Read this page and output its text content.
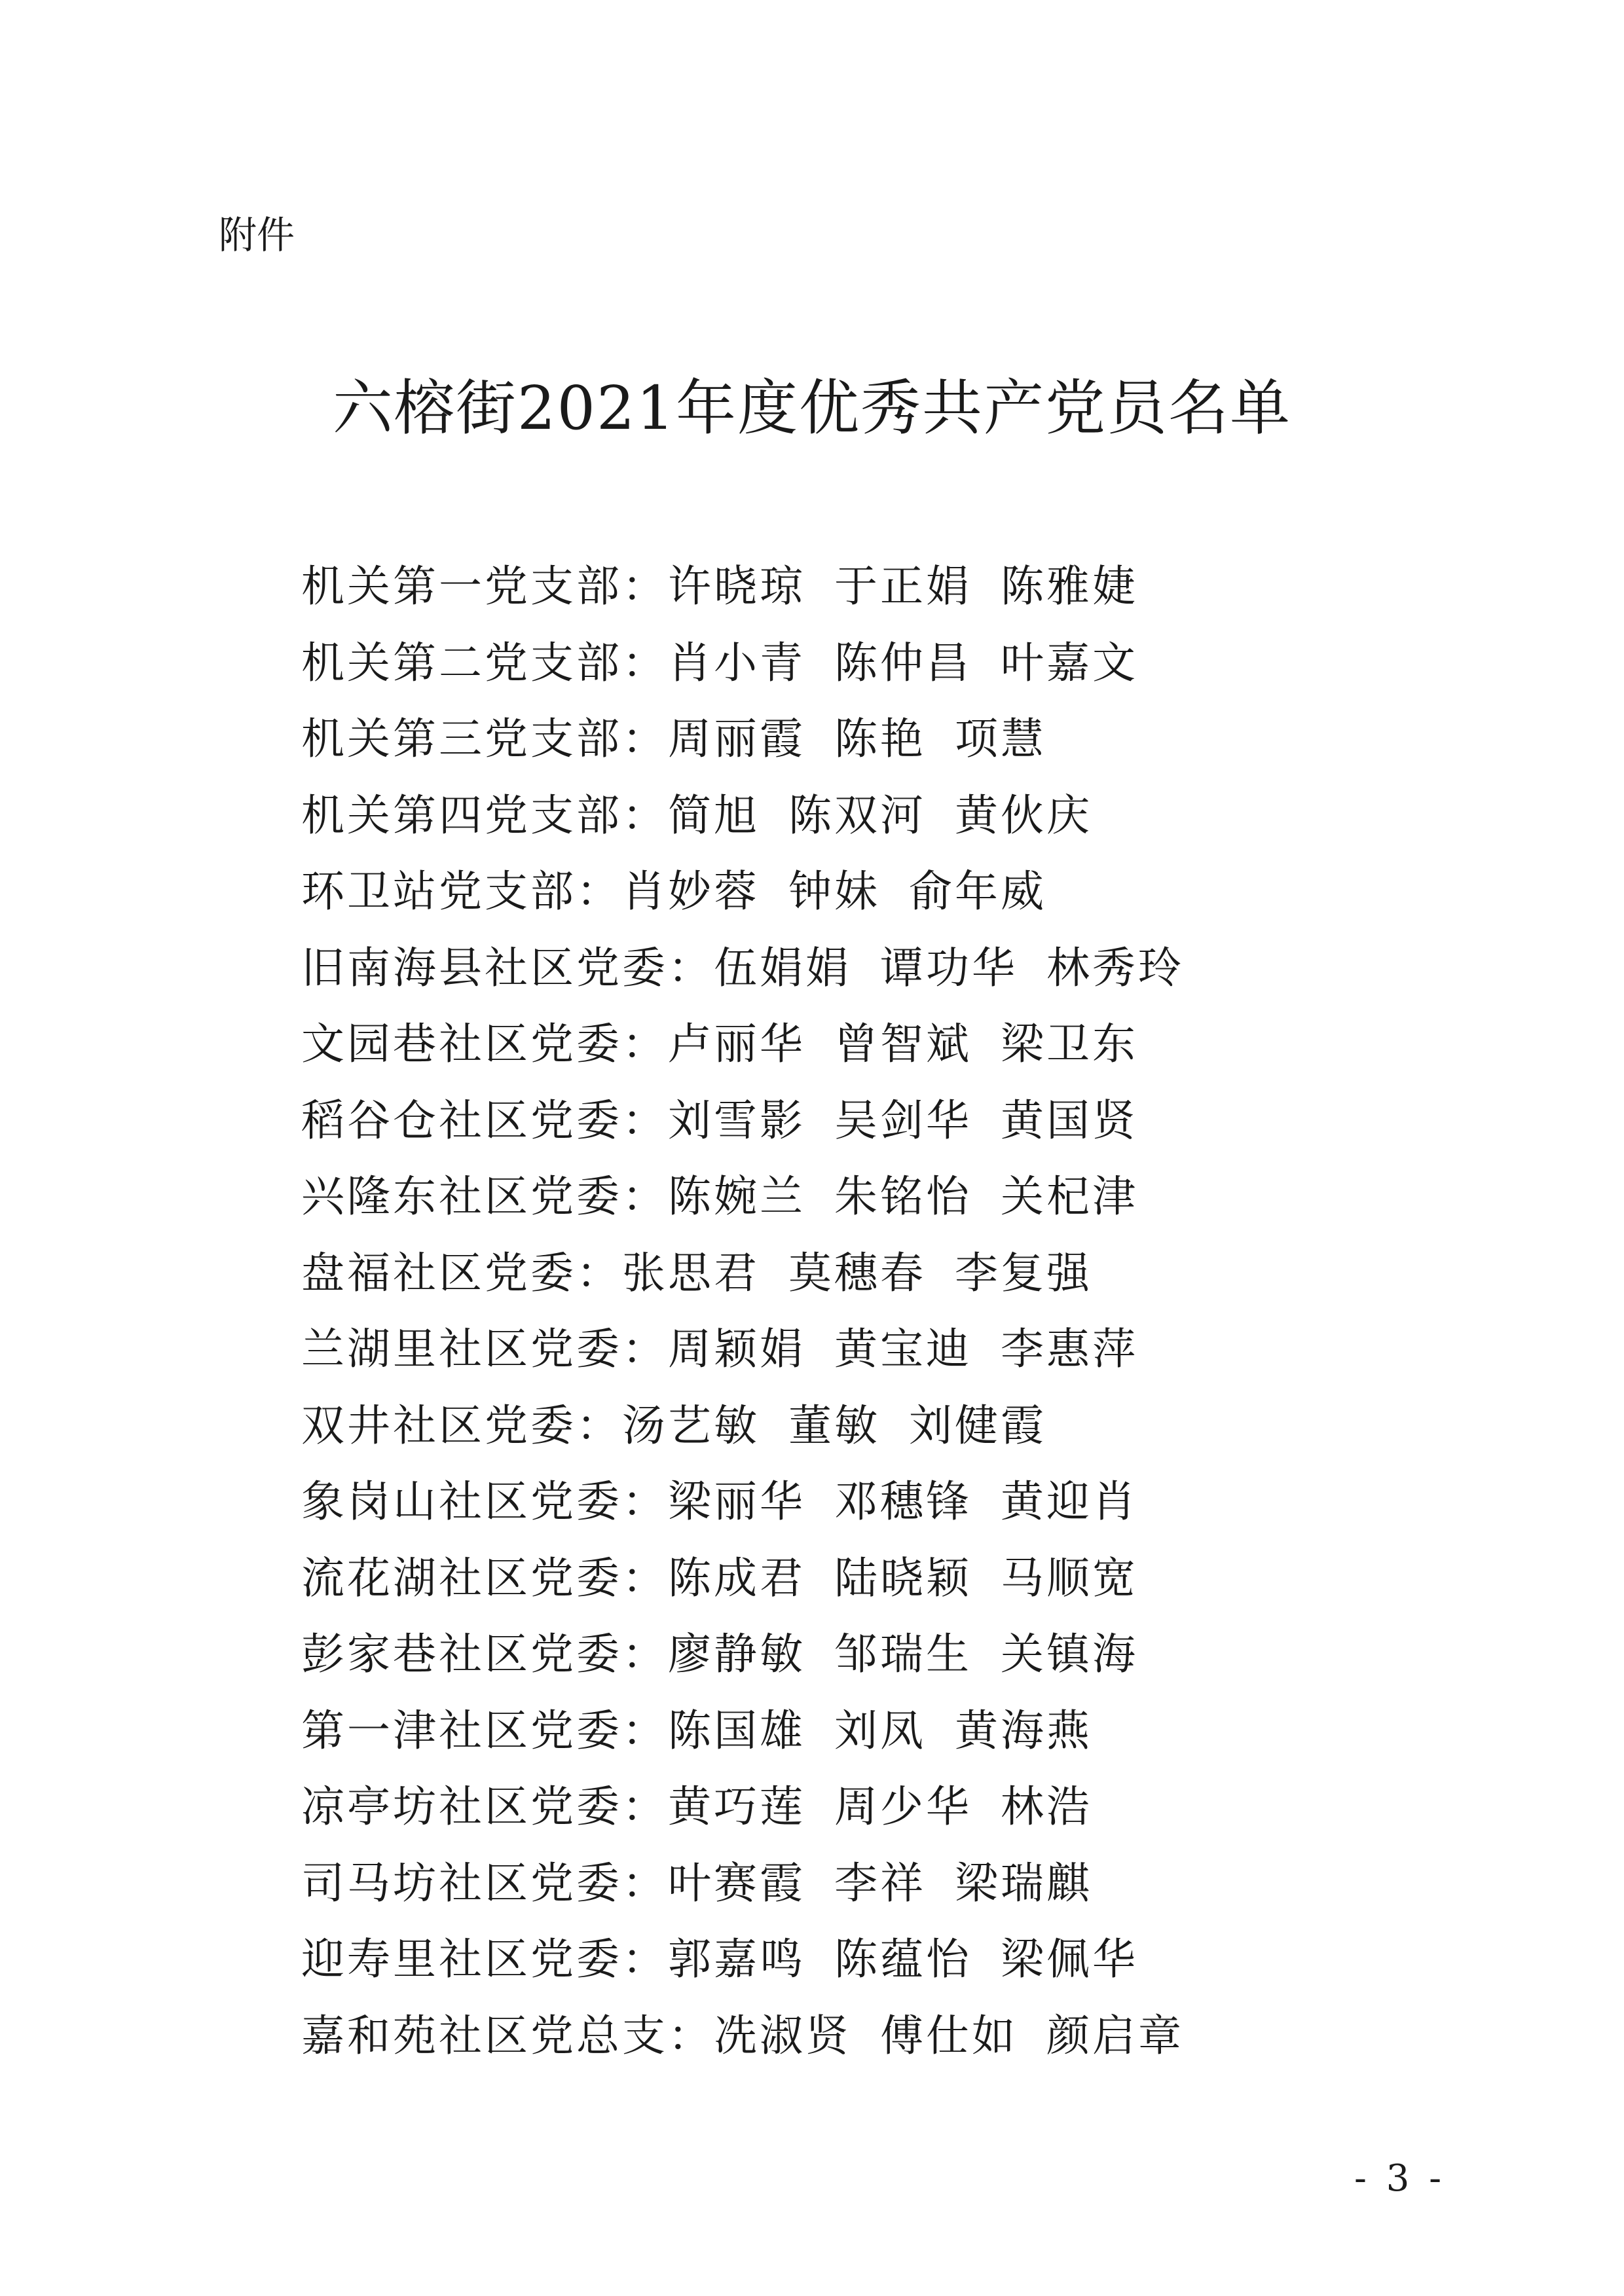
附件
六榕街2021年度优秀共产党员名单
机关第一党支部：许晓琼 于正娟 陈雅婕
机关第二党支部：肖小青 陈仲昌 叶嘉文
机关第三党支部：周丽霞 陈艳 项慧
机关第四党支部：简旭 陈双河 黄伙庆
环卫站党支部：肖妙蓉 钟妹 俞年威
旧南海县社区党委：伍娟娟 谭功华 林秀玲
文园巷社区党委：卢丽华 曾智斌 梁卫东
稻谷仓社区党委：刘雪影 吴剑华 黄国贤
兴隆东社区党委：陈婉兰 朱铭怡 关杞津
盘福社区党委：张思君 莫穗春 李复强
兰湖里社区党委：周颖娟 黄宝迪 李惠萍
双井社区党委：汤艺敏 董敏 刘健霞
象岗山社区党委：梁丽华 邓穗锋 黄迎肖
流花湖社区党委：陈成君 陆晓颖 马顺宽
彭家巷社区党委：廖静敏 邹瑞生 关镇海
第一津社区党委：陈国雄 刘凤 黄海燕
凉亭坊社区党委：黄巧莲 周少华 林浩
司马坊社区党委：叶赛霞 李祥 梁瑞麒
迎寿里社区党委：郭嘉鸣 陈蕴怡 梁佩华
嘉和苑社区党总支：冼淑贤 傅仕如 颜启章
- 3 -
